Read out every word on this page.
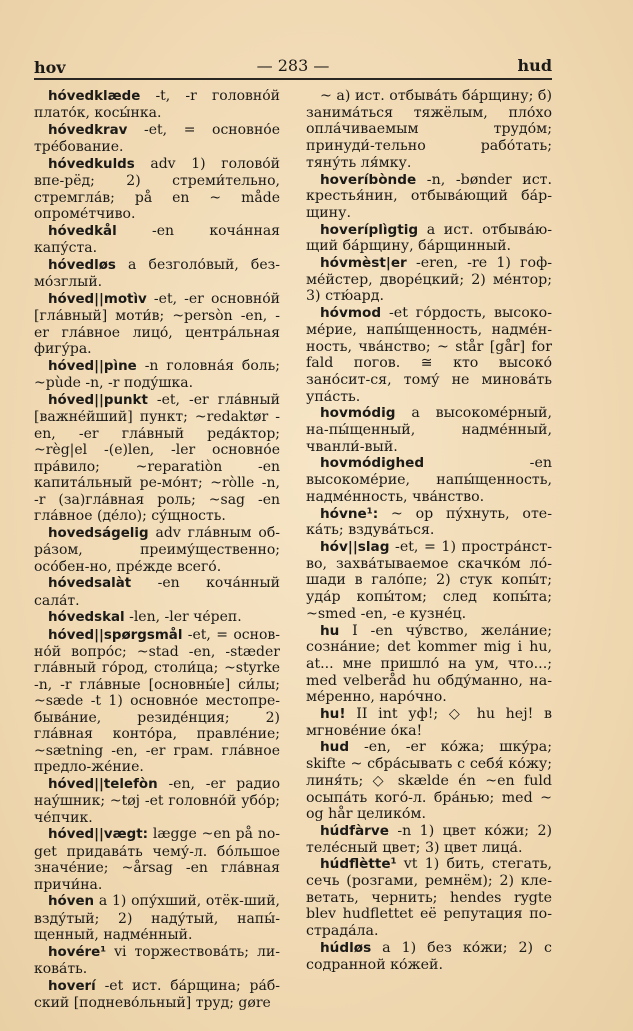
hov	— 283 —	hud

hóvedklæde -t, -r головно́й плато́к, косы́нка.

hóvedkrav -et, = основно́е тре́бование.

hóvedkulds adv 1) голово́й впе-рёд; 2) стреми́тельно, стремгла́в; på en ~ måde опроме́тчиво.

hóvedkål -en коча́нная капу́ста.

hóvedløs a безголо́вый, без-мо́зглый.

hóved||motìv -et, -er основно́й [гла́вный] моти́в; ~persòn -en, -er гла́вное лицо́, центра́льная фигу́ра.

hóved||pìne -n головна́я боль; ~pùde -n, -r поду́шка.

hóved||punkt -et, -er гла́вный [важне́йший] пункт; ~redaktør -en, -er гла́вный реда́ктор; ~règ|el -(e)len, -ler основно́е пра́вило; ~reparatiòn -en капита́льный ре-мо́нт; ~ròlle -n, -r (за)гла́вная роль; ~sag -en гла́вное (де́ло); су́щность.

hovedságelig adv гла́вным об-ра́зом, преиму́щественно; осо́бен-но, пре́жде всего́.

hóvedsalàt -en коча́нный сала́т.

hóvedskal -len, -ler че́реп.

hóved||spørgsmål -et, = основ-но́й вопро́с; ~stad -en, -stæder гла́вный го́род, столи́ца; ~styrke -n, -r гла́вные [основны́е] си́лы; ~sæde -t 1) основно́е местопре-быва́ние, резиде́нция; 2) гла́вная конто́ра, правле́ние; ~sætning -en, -er грам. гла́вное предло-же́ние.

hóved||telefòn -en, -er радио нау́шник; ~tøj -et головно́й убо́р; че́пчик.

hóved||vægt: lægge ~en på no-get придава́ть чему́-л. бо́льшое значе́ние; ~årsag -en гла́вная причи́на.

hóven a 1) опу́хший, отёк-ший, взду́тый; 2) наду́тый, напы́-щенный, надме́нный.

hovére¹ vi торжествова́ть; ли-кова́ть.

hoverí -et ист. ба́рщина; ра́б-ский [поднево́льный] труд; gøre

~ а) ист. отбыва́ть ба́рщину; б) занима́ться тяжёлым, пло́хо опла́чиваемым трудо́м; принуди́-тельно рабо́тать; тяну́ть ля́мку.

hoveríbònde -n, -bønder ист. крестья́нин, отбыва́ющий ба́р-щину.

hoveríplìgtig a ист. отбыва́ю-щий ба́рщину, ба́рщинный.

hóvmèst|er -eren, -re 1) гоф-ме́йстер, дворе́цкий; 2) ме́нтор; 3) стю́ард.

hóvmod -et го́рдость, высоко-ме́рие, напы́щенность, надме́н-ность, чва́нство; ~ står [går] for fald погов. ≅ кто высоко́ зано́сит-ся, тому́ не минова́ть упа́сть.

hovmódig a высокоме́рный, на-пы́щенный, надме́нный, чванли́-вый.

hovmódighed -en высокоме́рие, напы́щенность, надме́нность, чва́нство.

hóvne¹: ~ op пу́хнуть, оте-ка́ть; вздува́ться.

hóv||slag -et, = 1) простра́нст-во, захва́тываемое скачко́м ло́-шади в гало́пе; 2) стук копы́т; уда́р копы́том; след копы́та; ~smed -en, -e кузне́ц.

hu I -en чу́вство, жела́ние; созна́ние; det kommer mig i hu, at... мне пришло́ на ум, что...; med velberåd hu обду́манно, на-ме́ренно, наро́чно.

hu! II int уф!; ◇ hu hej! в мгнове́ние о́ка!

hud -en, -er ко́жа; шку́ра; skifte ~ сбра́сывать с себя́ ко́жу; линя́ть; ◇ skælde én ~en fuld осыпа́ть кого́-л. бра́нью; med ~ og hår целико́м.

húdfàrve -n 1) цвет ко́жи; 2) теле́сный цвет; 3) цвет лица́.

húdflètte¹ vt 1) бить, стегать, сечь (розгами, ремнём); 2) кле-ветать, чернить; hendes rygte blev hudflettet её репутация по-страда́ла.

húdløs a 1) без ко́жи; 2) с содранной ко́жей.
